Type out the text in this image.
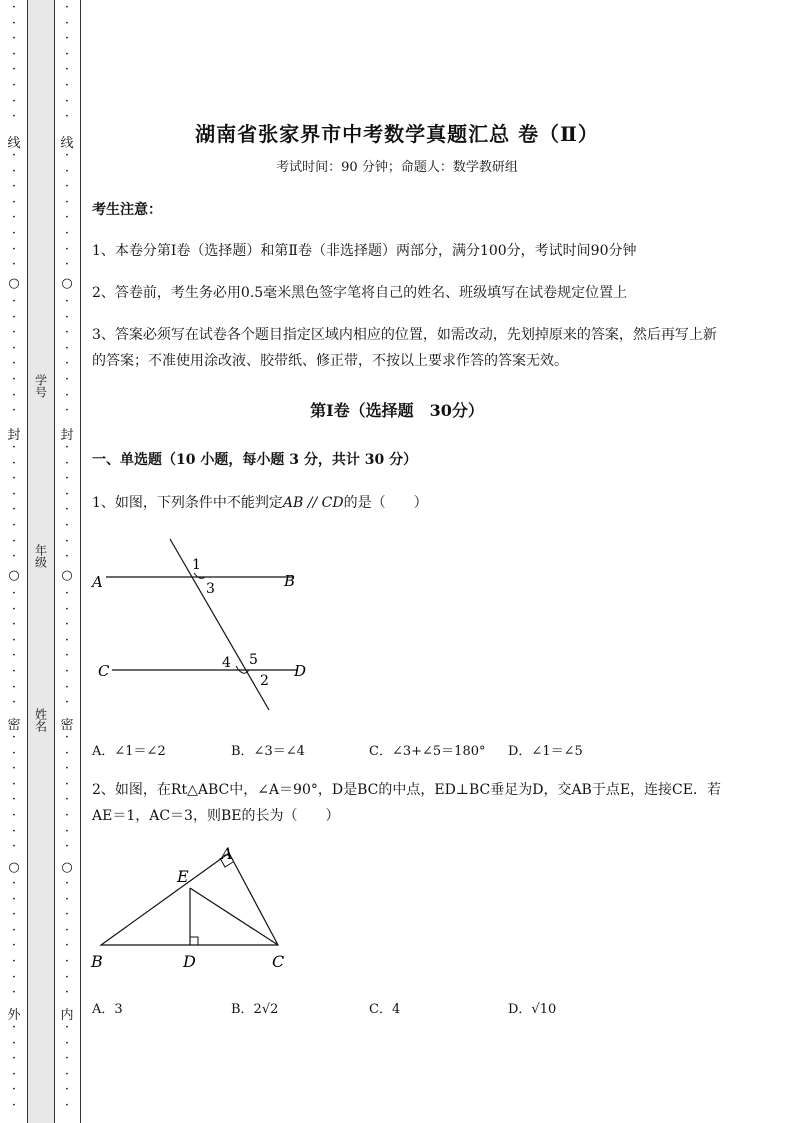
·
·
·
·
·
·
·
·
线
·
·
·
·
·
·
·
·
○
·
·
·
·
·
·
·
·
封
·
·
·
·
·
·
·
·
○
·
·
·
·
·
·
·
·
密
·
·
·
·
·
·
·
·
○
·
·
·
·
·
·
·
·
外
·
·
·
·
·
·
学号
年级
姓名
·
·
·
·
·
·
·
·
线
·
·
·
·
·
·
·
·
○
·
·
·
·
·
·
·
·
封
·
·
·
·
·
·
·
·
○
·
·
·
·
·
·
·
·
密
·
·
·
·
·
·
·
·
○
·
·
·
·
·
·
·
·
内
·
·
·
·
·
·
湖南省张家界市中考数学真题汇总 卷（Ⅱ）
考试时间：90 分钟；命题人：数学教研组
考生注意：
1、本卷分第Ⅰ卷（选择题）和第Ⅱ卷（非选择题）两部分，满分100分，考试时间90分钟
2、答卷前，考生务必用0.5毫米黑色签字笔将自己的姓名、班级填写在试卷规定位置上
3、答案必须写在试卷各个题目指定区域内相应的位置，如需改动，先划掉原来的答案，然后再写上新
的答案；不准使用涂改液、胶带纸、修正带，不按以上要求作答的答案无效。
第Ⅰ卷（选择题　30分）
一、单选题（10 小题，每小题 3 分，共计 30 分）
1、如图，下列条件中不能判定AB // CD的是（　　）
A	B
C	D
1
3
4 5
2
A．∠1＝∠2	B．∠3＝∠4	C．∠3+∠5＝180° D．∠1＝∠5
2、如图，在Rt△ABC中，∠A＝90°，D是BC的中点，ED⊥BC垂足为D，交AB于点E，连接CE．若
AE＝1，AC＝3，则BE的长为（　　）
A
E
B	D	C
A．3	B．2√2	C．4	D．√10
